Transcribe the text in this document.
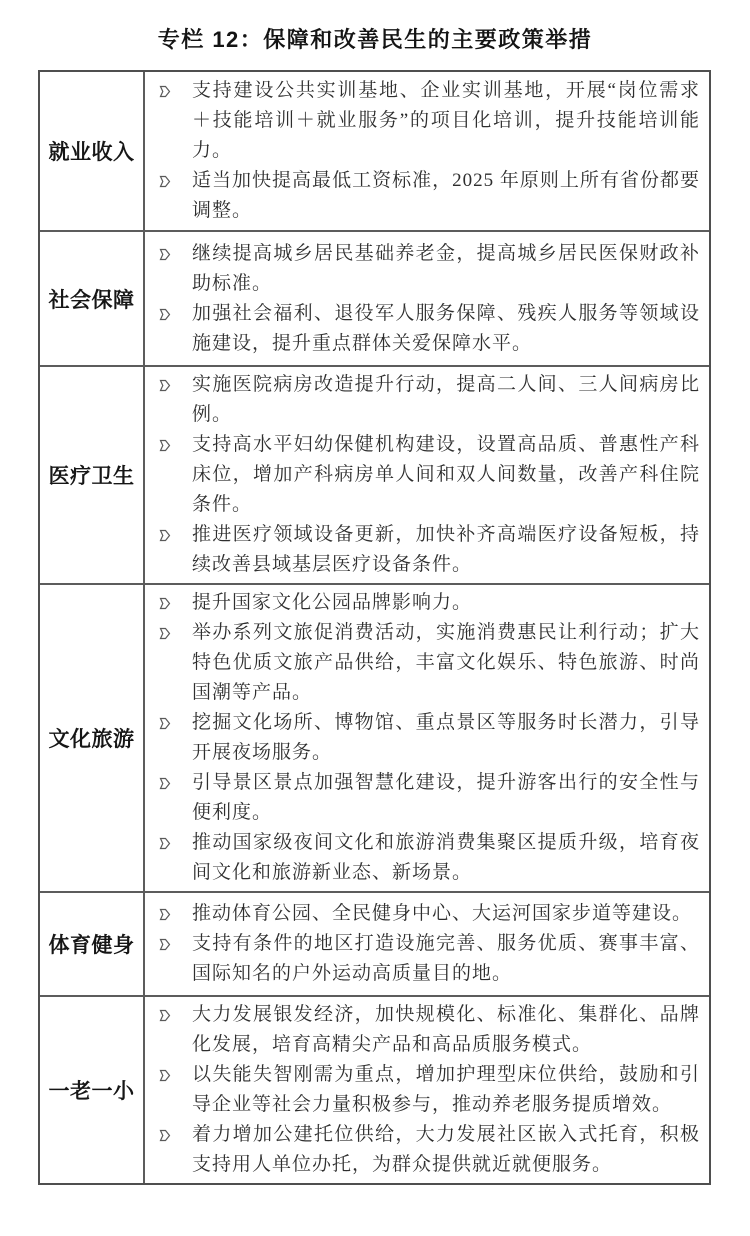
专栏 12：保障和改善民生的主要政策举措
就业收入

支持建设公共实训基地、企业实训基地，开展“岗位需求＋技能培训＋就业服务”的项目化培训，提升技能培训能力。

适当加快提高最低工资标准，2025 年原则上所有省份都要调整。

社会保障

继续提高城乡居民基础养老金，提高城乡居民医保财政补助标准。

加强社会福利、退役军人服务保障、残疾人服务等领域设施建设，提升重点群体关爱保障水平。

医疗卫生

实施医院病房改造提升行动，提高二人间、三人间病房比例。

支持高水平妇幼保健机构建设，设置高品质、普惠性产科床位，增加产科病房单人间和双人间数量，改善产科住院条件。

推进医疗领域设备更新，加快补齐高端医疗设备短板，持续改善县域基层医疗设备条件。

文化旅游

提升国家文化公园品牌影响力。

举办系列文旅促消费活动，实施消费惠民让利行动；扩大特色优质文旅产品供给，丰富文化娱乐、特色旅游、时尚国潮等产品。

挖掘文化场所、博物馆、重点景区等服务时长潜力，引导开展夜场服务。

引导景区景点加强智慧化建设，提升游客出行的安全性与便利度。

推动国家级夜间文化和旅游消费集聚区提质升级，培育夜间文化和旅游新业态、新场景。

体育健身

推动体育公园、全民健身中心、大运河国家步道等建设。

支持有条件的地区打造设施完善、服务优质、赛事丰富、国际知名的户外运动高质量目的地。

一老一小

大力发展银发经济，加快规模化、标准化、集群化、品牌化发展，培育高精尖产品和高品质服务模式。

以失能失智刚需为重点，增加护理型床位供给，鼓励和引导企业等社会力量积极参与，推动养老服务提质增效。

着力增加公建托位供给，大力发展社区嵌入式托育，积极支持用人单位办托，为群众提供就近就便服务。
